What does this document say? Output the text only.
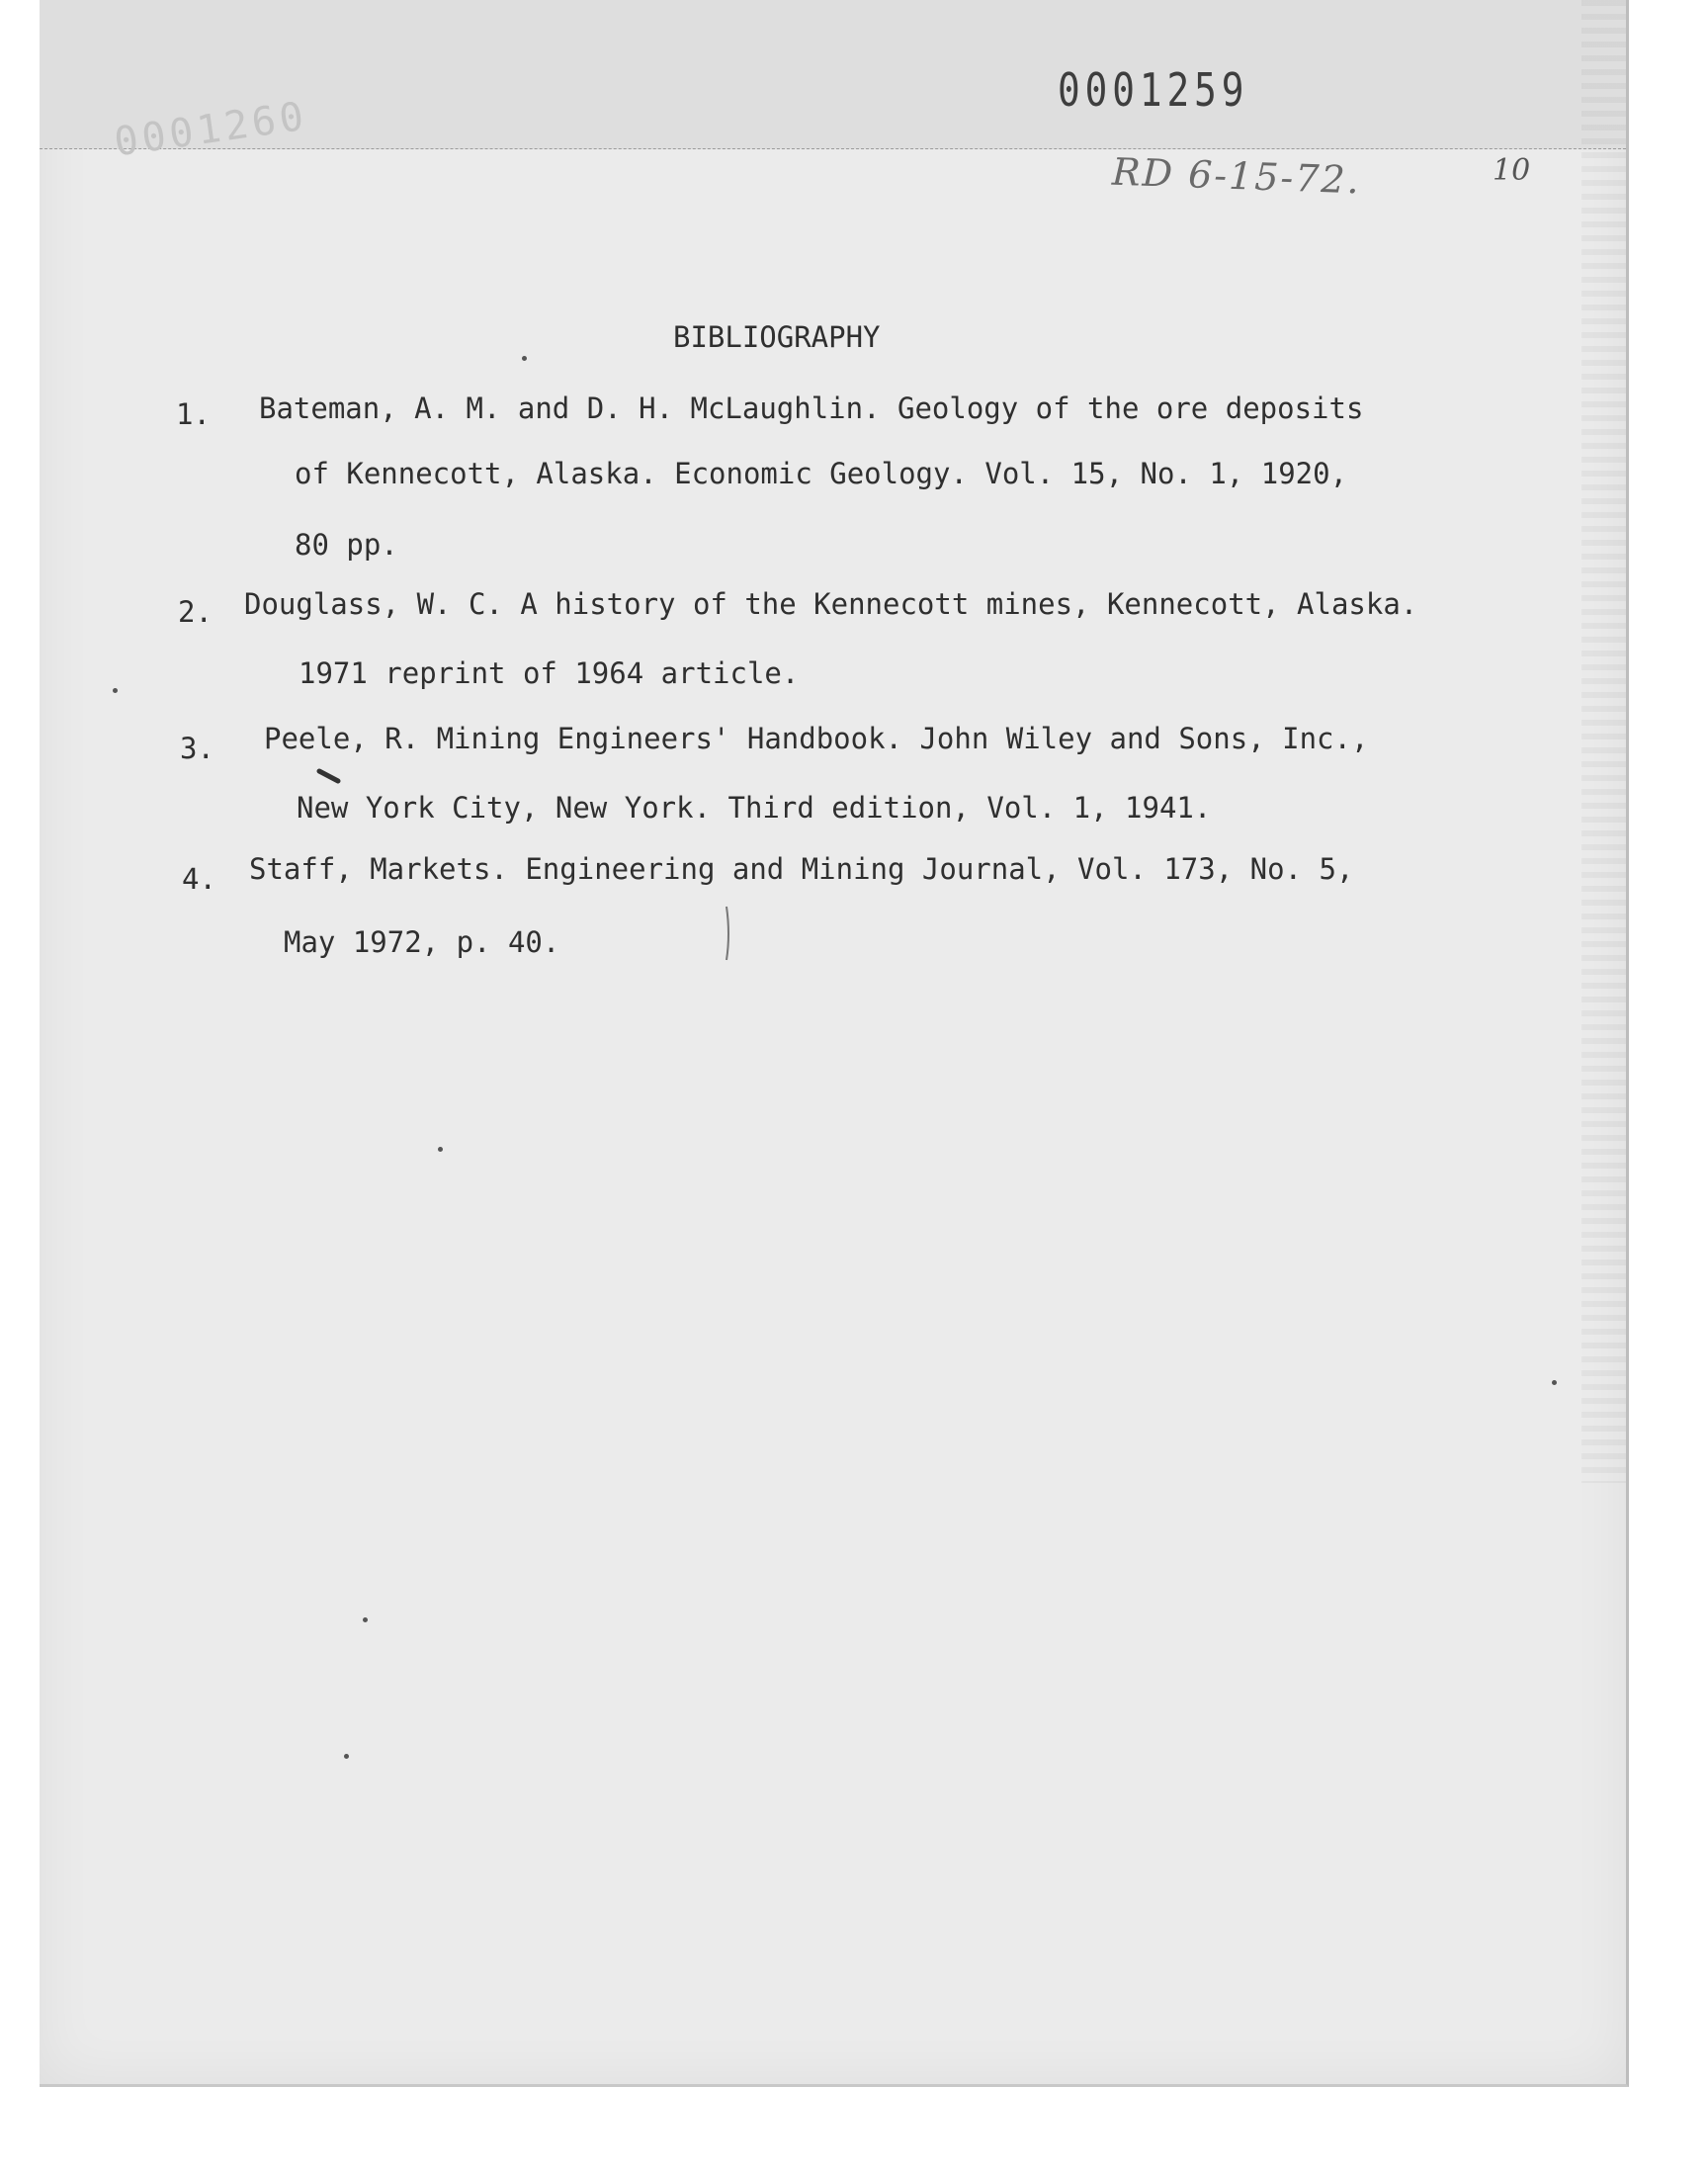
0001260
0001259
RD 6-15-72.	10
BIBLIOGRAPHY
1. Bateman, A. M. and D. H. McLaughlin. Geology of the ore deposits
of Kennecott, Alaska. Economic Geology. Vol. 15, No. 1, 1920,
80 pp.
2. Douglass, W. C. A history of the Kennecott mines, Kennecott, Alaska.
1971 reprint of 1964 article.
3. Peele, R. Mining Engineers' Handbook. John Wiley and Sons, Inc.,
New York City, New York. Third edition, Vol. 1, 1941.
4. Staff, Markets. Engineering and Mining Journal, Vol. 173, No. 5,
May 1972, p. 40.
